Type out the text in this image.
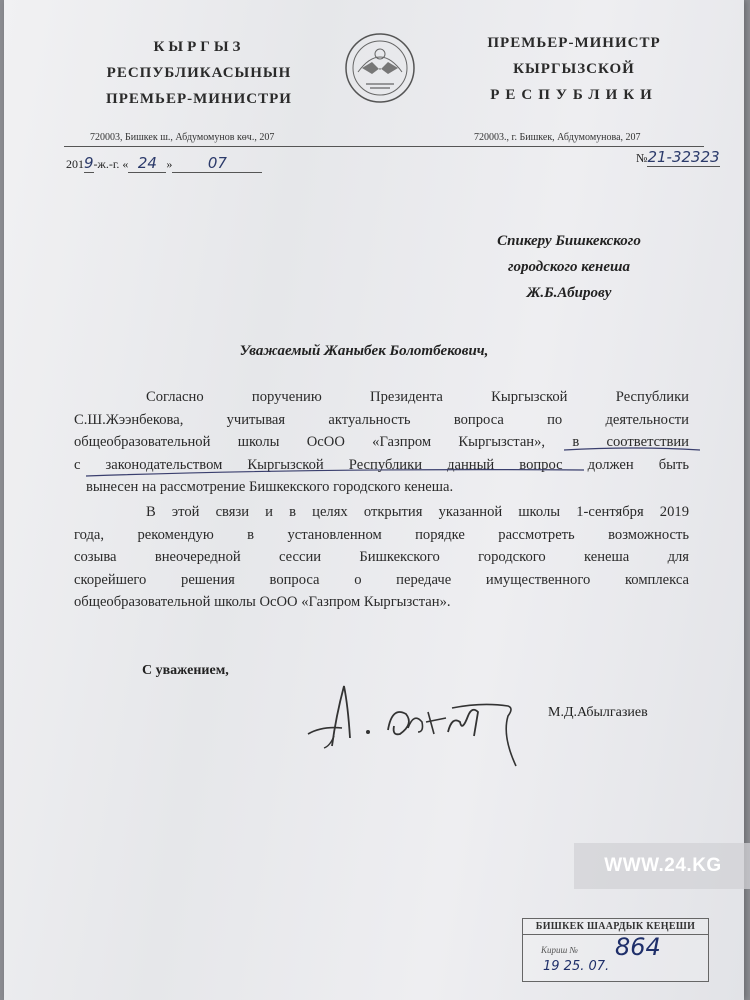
КЫРГЫЗ
РЕСПУБЛИКАСЫНЫН
ПРЕМЬЕР-МИНИСТРИ
ПРЕМЬЕР-МИНИСТР
КЫРГЫЗСКОЙ
РЕСПУБЛИКИ
720003, Бишкек ш., Абдумомунов көч., 207	720003., г. Бишкек, Абдумомунова, 207
2019-ж.-г. « 24 » 07	№21-32323
Спикеру Бишкекского
городского кенеша
Ж.Б.Абирову
Уважаемый Жаныбек Болотбекович,
Согласно поручению Президента Кыргызской Республики
С.Ш.Жээнбекова, учитывая актуальность вопроса по деятельности
общеобразовательной школы ОсОО «Газпром Кыргызстан», в соответствии
с законодательством Кыргызской Республики данный вопрос должен быть
вынесен на рассмотрение Бишкекского городского кенеша.
В этой связи и в целях открытия указанной школы 1-сентября 2019
года, рекомендую в установленном порядке рассмотреть возможность
созыва внеочередной сессии Бишкекского городского кенеша для
скорейшего решения вопроса о передаче имущественного комплекса
общеобразовательной школы ОсОО «Газпром Кыргызстан».
С уважением,
М.Д.Абылгазиев
WWW.24.KG
БИШКЕК ШААРДЫК КЕҢЕШИ
Кириш № 864
19 25. 07.
